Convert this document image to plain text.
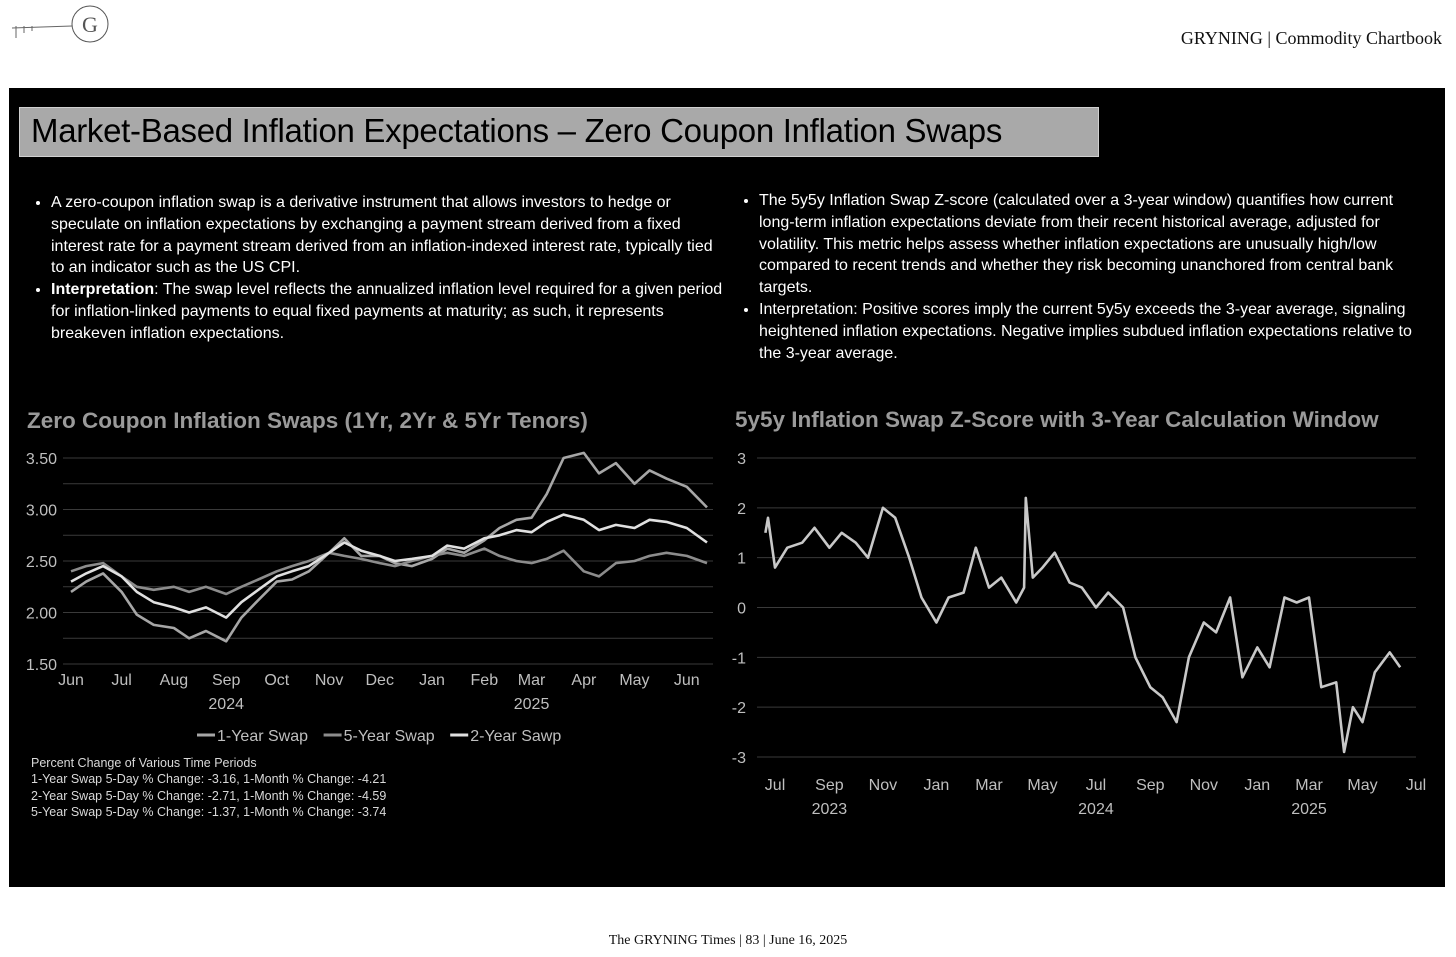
G
GRYNING | Commodity Chartbook
Market-Based Inflation Expectations – Zero Coupon Inflation Swaps
• A zero-coupon inflation swap is a derivative instrument that allows investors to hedge or speculate on inflation expectations by exchanging a payment stream derived from a fixed interest rate for a payment stream derived from an inflation-indexed interest rate, typically tied to an indicator such as the US CPI.
• Interpretation: The swap level reflects the annualized inflation level required for a given period for inflation-linked payments to equal fixed payments at maturity; as such, it represents breakeven inflation expectations.
• The 5y5y Inflation Swap Z-score (calculated over a 3-year window) quantifies how current long-term inflation expectations deviate from their recent historical average, adjusted for volatility. This metric helps assess whether inflation expectations are unusually high/low compared to recent trends and whether they risk becoming unanchored from central bank targets.
• Interpretation: Positive scores imply the current 5y5y exceeds the 3-year average, signaling heightened inflation expectations. Negative implies subdued inflation expectations relative to the 3-year average.
Zero Coupon Inflation Swaps (1Yr, 2Yr & 5Yr Tenors)	5y5y Inflation Swap Z-Score with 3-Year Calculation Window
1.50
2.00
2.50
3.00
3.50
Jun Jul Aug Sep Oct Nov Dec Jan Feb Mar Apr May Jun
2024	2025
1-Year Swap 5-Year Swap 2-Year Sawp
-3
-2
-1
0
1
2
3
Jul Sep Nov Jan Mar May Jul Sep Nov Jan Mar May Jul
2023	2024	2025
Percent Change of Various Time Periods
1-Year Swap 5-Day % Change: -3.16, 1-Month % Change: -4.21
2-Year Swap 5-Day % Change: -2.71, 1-Month % Change: -4.59
5-Year Swap 5-Day % Change: -1.37, 1-Month % Change: -3.74
The GRYNING Times | 83 | June 16, 2025
